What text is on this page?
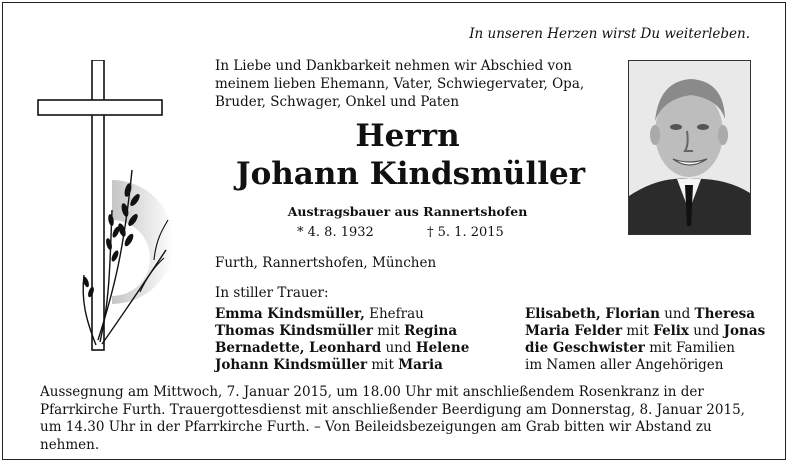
In unseren Herzen wirst Du weiterleben.
In Liebe und Dankbarkeit nehmen wir Abschied von
meinem lieben Ehemann, Vater, Schwiegervater, Opa,
Bruder, Schwager, Onkel und Paten
Herrn
Johann Kindsmüller
Austragsbauer aus Rannertshofen
* 4. 8. 1932	† 5. 1. 2015
Furth, Rannertshofen, München
In stiller Trauer:
Emma Kindsmüller, Ehefrau
Thomas Kindsmüller mit Regina
Bernadette, Leonhard und Helene
Johann Kindsmüller mit Maria
Elisabeth, Florian und Theresa
Maria Felder mit Felix und Jonas
die Geschwister mit Familien
im Namen aller Angehörigen
Aussegnung am Mittwoch, 7. Januar 2015, um 18.00 Uhr mit anschließendem Rosenkranz in der Pfarrkirche Furth. Trauergottesdienst mit anschließender Beerdigung am Donnerstag, 8. Januar 2015, um 14.30 Uhr in der Pfarrkirche Furth. – Von Beileidsbezeigungen am Grab bitten wir Abstand zu nehmen.
